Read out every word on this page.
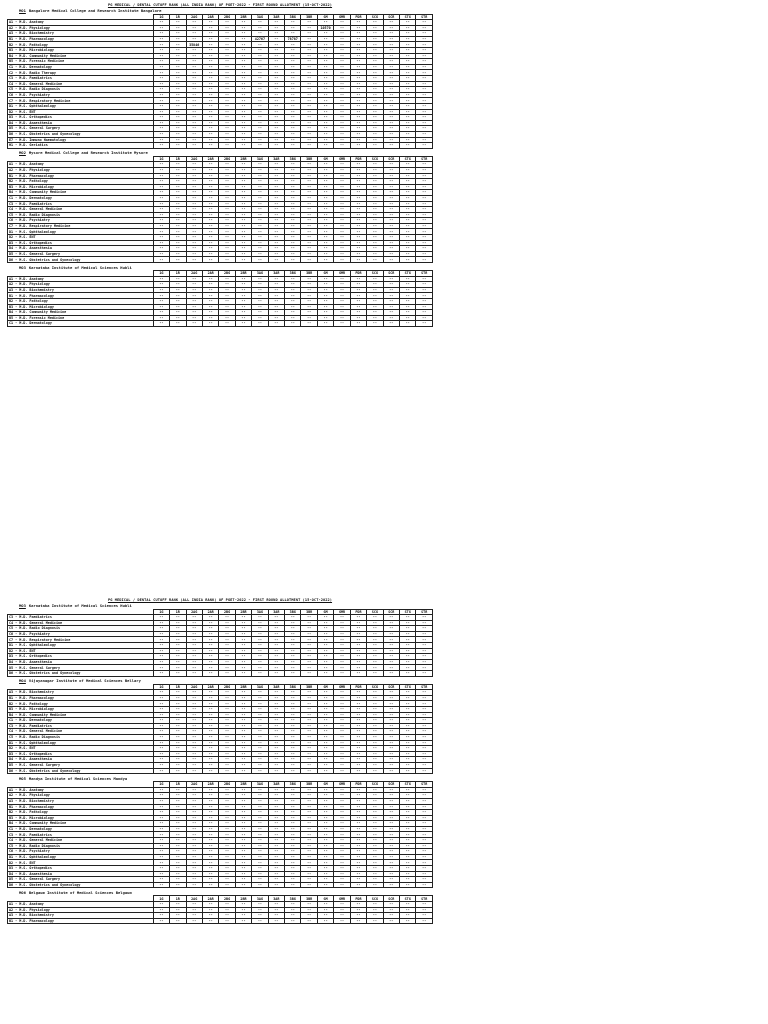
PG MEDICAL / DENTAL CUTOFF RANK (ALL INDIA RANK) OF PGET-2022 - FIRST ROUND ALLOTMENT (15-OCT-2022)
MO1 Bangalore Medical College and Research Institute Bangalore
	1G	1R	2AG	2AR	2BG	2BR	3AG	3AR	3BG	3BR	GM	GMR	PDR	SCG	SCR	STG	STR
A1 - M.D. Anatomy	--	--	--	--	--	--	--	--	--	--	--	--	--	--	--	--	--
A2 - M.D. Physiology	--	--	--	--	--	--	--	--	--	--	10570	--	--	--	--	--	--
A3 - M.D. Biochemistry	--	--	--	--	--	--	--	--	--	--	--	--	--	--	--	--	--
B1 - M.D. Pharmacology	--	--	--	--	--	--	42767	--	78787	--	--	--	--	--	--	--	--
B2 - M.D. Pathology	--	--	35846	--	--	--	--	--	--	--	--	--	--	--	--	--	--
B3 - M.D. Microbiology	--	--	--	--	--	--	--	--	--	--	--	--	--	--	--	--	--
B4 - M.D. Community Medicine	--	--	--	--	--	--	--	--	--	--	--	--	--	--	--	--	--
B5 - M.D. Forensic Medicine	--	--	--	--	--	--	--	--	--	--	--	--	--	--	--	--	--
C1 - M.D. Dermatology	--	--	--	--	--	--	--	--	--	--	--	--	--	--	--	--	--
C2 - M.D. Radio Therapy	--	--	--	--	--	--	--	--	--	--	--	--	--	--	--	--	--
C3 - M.D. Paediatrics	--	--	--	--	--	--	--	--	--	--	--	--	--	--	--	--	--
C4 - M.D. General Medicine	--	--	--	--	--	--	--	--	--	--	--	--	--	--	--	--	--
C5 - M.D. Radio Diagnosis	--	--	--	--	--	--	--	--	--	--	--	--	--	--	--	--	--
C6 - M.D. Psychiatry	--	--	--	--	--	--	--	--	--	--	--	--	--	--	--	--	--
C7 - M.D. Respiratory Medicine	--	--	--	--	--	--	--	--	--	--	--	--	--	--	--	--	--
D1 - M.S. Ophthalmology	--	--	--	--	--	--	--	--	--	--	--	--	--	--	--	--	--
D2 - M.S. ENT	--	--	--	--	--	--	--	--	--	--	--	--	--	--	--	--	--
D3 - M.S. Orthopedics	--	--	--	--	--	--	--	--	--	--	--	--	--	--	--	--	--
D4 - M.D. Anaesthesia	--	--	--	--	--	--	--	--	--	--	--	--	--	--	--	--	--
D5 - M.S. General Surgery	--	--	--	--	--	--	--	--	--	--	--	--	--	--	--	--	--
D6 - M.S. Obstetrics and Gynecology	--	--	--	--	--	--	--	--	--	--	--	--	--	--	--	--	--
E7 - M.D. Immuno Haematology	--	--	--	--	--	--	--	--	--	--	--	--	--	--	--	--	--
H1 - M.D. Geriatics	--	--	--	--	--	--	--	--	--	--	--	--	--	--	--	--	--
MO2 Mysore Medical College and Research Institute Mysore
	1G	1R	2AG	2AR	2BG	2BR	3AG	3AR	3BG	3BR	GM	GMR	PDR	SCG	SCR	STG	STR
A1 - M.D. Anatomy	--	--	--	--	--	--	--	--	--	--	--	--	--	--	--	--	--
A2 - M.D. Physiology	--	--	--	--	--	--	--	--	--	--	--	--	--	--	--	--	--
B1 - M.D. Pharmacology	--	--	--	--	--	--	--	--	--	--	--	--	--	--	--	--	--
B2 - M.D. Pathology	--	--	--	--	--	--	--	--	--	--	--	--	--	--	--	--	--
B3 - M.D. Microbiology	--	--	--	--	--	--	--	--	--	--	--	--	--	--	--	--	--
B4 - M.D. Community Medicine	--	--	--	--	--	--	--	--	--	--	--	--	--	--	--	--	--
C1 - M.D. Dermatology	--	--	--	--	--	--	--	--	--	--	--	--	--	--	--	--	--
C3 - M.D. Paediatrics	--	--	--	--	--	--	--	--	--	--	--	--	--	--	--	--	--
C4 - M.D. General Medicine	--	--	--	--	--	--	--	--	--	--	--	--	--	--	--	--	--
C5 - M.D. Radio Diagnosis	--	--	--	--	--	--	--	--	--	--	--	--	--	--	--	--	--
C6 - M.D. Psychiatry	--	--	--	--	--	--	--	--	--	--	--	--	--	--	--	--	--
C7 - M.D. Respiratory Medicine	--	--	--	--	--	--	--	--	--	--	--	--	--	--	--	--	--
D1 - M.S. Ophthalmology	--	--	--	--	--	--	--	--	--	--	--	--	--	--	--	--	--
D2 - M.S. ENT	--	--	--	--	--	--	--	--	--	--	--	--	--	--	--	--	--
D3 - M.S. Orthopedics	--	--	--	--	--	--	--	--	--	--	--	--	--	--	--	--	--
D4 - M.D. Anaesthesia	--	--	--	--	--	--	--	--	--	--	--	--	--	--	--	--	--
D5 - M.S. General Surgery	--	--	--	--	--	--	--	--	--	--	--	--	--	--	--	--	--
D6 - M.S. Obstetrics and Gynecology	--	--	--	--	--	--	--	--	--	--	--	--	--	--	--	--	--
MO3 Karnataka Institute of Medical Sciences Hubli
	1G	1R	2AG	2AR	2BG	2BR	3AG	3AR	3BG	3BR	GM	GMR	PDR	SCG	SCR	STG	STR
A1 - M.D. Anatomy	--	--	--	--	--	--	--	--	--	--	--	--	--	--	--	--	--
A2 - M.D. Physiology	--	--	--	--	--	--	--	--	--	--	--	--	--	--	--	--	--
A3 - M.D. Biochemistry	--	--	--	--	--	--	--	--	--	--	--	--	--	--	--	--	--
B1 - M.D. Pharmacology	--	--	--	--	--	--	--	--	--	--	--	--	--	--	--	--	--
B2 - M.D. Pathology	--	--	--	--	--	--	--	--	--	--	--	--	--	--	--	--	--
B3 - M.D. Microbiology	--	--	--	--	--	--	--	--	--	--	--	--	--	--	--	--	--
B4 - M.D. Community Medicine	--	--	--	--	--	--	--	--	--	--	--	--	--	--	--	--	--
B5 - M.D. Forensic Medicine	--	--	--	--	--	--	--	--	--	--	--	--	--	--	--	--	--
C1 - M.D. Dermatology	--	--	--	--	--	--	--	--	--	--	--	--	--	--	--	--	--
PG MEDICAL / DENTAL CUTOFF RANK (ALL INDIA RANK) OF PGET-2022 - FIRST ROUND ALLOTMENT (15-OCT-2022)
MO3 Karnataka Institute of Medical Sciences Hubli
	1G	1R	2AG	2AR	2BG	2BR	3AG	3AR	3BG	3BR	GM	GMR	PDR	SCG	SCR	STG	STR
C3 - M.D. Paediatrics	--	--	--	--	--	--	--	--	--	--	--	--	--	--	--	--	--
C4 - M.D. General Medicine	--	--	--	--	--	--	--	--	--	--	--	--	--	--	--	--	--
C5 - M.D. Radio Diagnosis	--	--	--	--	--	--	--	--	--	--	--	--	--	--	--	--	--
C6 - M.D. Psychiatry	--	--	--	--	--	--	--	--	--	--	--	--	--	--	--	--	--
C7 - M.D. Respiratory Medicine	--	--	--	--	--	--	--	--	--	--	--	--	--	--	--	--	--
D1 - M.S. Ophthalmology	--	--	--	--	--	--	--	--	--	--	--	--	--	--	--	--	--
D2 - M.S. ENT	--	--	--	--	--	--	--	--	--	--	--	--	--	--	--	--	--
D3 - M.S. Orthopedics	--	--	--	--	--	--	--	--	--	--	--	--	--	--	--	--	--
D4 - M.D. Anaesthesia	--	--	--	--	--	--	--	--	--	--	--	--	--	--	--	--	--
D5 - M.S. General Surgery	--	--	--	--	--	--	--	--	--	--	--	--	--	--	--	--	--
D6 - M.S. Obstetrics and Gynecology	--	--	--	--	--	--	--	--	--	--	--	--	--	--	--	--	--
MO4 Vijayanagar Institute of Medical Sciences Bellary
	1G	1R	2AG	2AR	2BG	2BR	3AG	3AR	3BG	3BR	GM	GMR	PDR	SCG	SCR	STG	STR
A3 - M.D. Biochemistry	--	--	--	--	--	--	--	--	--	--	--	--	--	--	--	--	--
B1 - M.D. Pharmacology	--	--	--	--	--	--	--	--	--	--	--	--	--	--	--	--	--
B2 - M.D. Pathology	--	--	--	--	--	--	--	--	--	--	--	--	--	--	--	--	--
B3 - M.D. Microbiology	--	--	--	--	--	--	--	--	--	--	--	--	--	--	--	--	--
B4 - M.D. Community Medicine	--	--	--	--	--	--	--	--	--	--	--	--	--	--	--	--	--
C1 - M.D. Dermatology	--	--	--	--	--	--	--	--	--	--	--	--	--	--	--	--	--
C3 - M.D. Paediatrics	--	--	--	--	--	--	--	--	--	--	--	--	--	--	--	--	--
C4 - M.D. General Medicine	--	--	--	--	--	--	--	--	--	--	--	--	--	--	--	--	--
C5 - M.D. Radio Diagnosis	--	--	--	--	--	--	--	--	--	--	--	--	--	--	--	--	--
D1 - M.S. Ophthalmology	--	--	--	--	--	--	--	--	--	--	--	--	--	--	--	--	--
D2 - M.S. ENT	--	--	--	--	--	--	--	--	--	--	--	--	--	--	--	--	--
D3 - M.S. Orthopedics	--	--	--	--	--	--	--	--	--	--	--	--	--	--	--	--	--
D4 - M.D. Anaesthesia	--	--	--	--	--	--	--	--	--	--	--	--	--	--	--	--	--
D5 - M.S. General Surgery	--	--	--	--	--	--	--	--	--	--	--	--	--	--	--	--	--
D6 - M.S. Obstetrics and Gynecology	--	--	--	--	--	--	--	--	--	--	--	--	--	--	--	--	--
MO5 Mandya Institute of Medical Sciences Mandya
	1G	1R	2AG	2AR	2BG	2BR	3AG	3AR	3BG	3BR	GM	GMR	PDR	SCG	SCR	STG	STR
A1 - M.D. Anatomy	--	--	--	--	--	--	--	--	--	--	--	--	--	--	--	--	--
A2 - M.D. Physiology	--	--	--	--	--	--	--	--	--	--	--	--	--	--	--	--	--
A3 - M.D. Biochemistry	--	--	--	--	--	--	--	--	--	--	--	--	--	--	--	--	--
B1 - M.D. Pharmacology	--	--	--	--	--	--	--	--	--	--	--	--	--	--	--	--	--
B2 - M.D. Pathology	--	--	--	--	--	--	--	--	--	--	--	--	--	--	--	--	--
B3 - M.D. Microbiology	--	--	--	--	--	--	--	--	--	--	--	--	--	--	--	--	--
B4 - M.D. Community Medicine	--	--	--	--	--	--	--	--	--	--	--	--	--	--	--	--	--
C1 - M.D. Dermatology	--	--	--	--	--	--	--	--	--	--	--	--	--	--	--	--	--
C3 - M.D. Paediatrics	--	--	--	--	--	--	--	--	--	--	--	--	--	--	--	--	--
C4 - M.D. General Medicine	--	--	--	--	--	--	--	--	--	--	--	--	--	--	--	--	--
C5 - M.D. Radio Diagnosis	--	--	--	--	--	--	--	--	--	--	--	--	--	--	--	--	--
C6 - M.D. Psychiatry	--	--	--	--	--	--	--	--	--	--	--	--	--	--	--	--	--
D1 - M.S. Ophthalmology	--	--	--	--	--	--	--	--	--	--	--	--	--	--	--	--	--
D2 - M.S. ENT	--	--	--	--	--	--	--	--	--	--	--	--	--	--	--	--	--
D3 - M.S. Orthopedics	--	--	--	--	--	--	--	--	--	--	--	--	--	--	--	--	--
D4 - M.D. Anaesthesia	--	--	--	--	--	--	--	--	--	--	--	--	--	--	--	--	--
D5 - M.S. General Surgery	--	--	--	--	--	--	--	--	--	--	--	--	--	--	--	--	--
D6 - M.S. Obstetrics and Gynecology	--	--	--	--	--	--	--	--	--	--	--	--	--	--	--	--	--
MO6 Belgaum Institute of Medical Sciences Belgaum
	1G	1R	2AG	2AR	2BG	2BR	3AG	3AR	3BG	3BR	GM	GMR	PDR	SCG	SCR	STG	STR
A1 - M.D. Anatomy	--	--	--	--	--	--	--	--	--	--	--	--	--	--	--	--	--
A2 - M.D. Physiology	--	--	--	--	--	--	--	--	--	--	--	--	--	--	--	--	--
A3 - M.D. Biochemistry	--	--	--	--	--	--	--	--	--	--	--	--	--	--	--	--	--
B1 - M.D. Pharmacology	--	--	--	--	--	--	--	--	--	--	--	--	--	--	--	--	--
